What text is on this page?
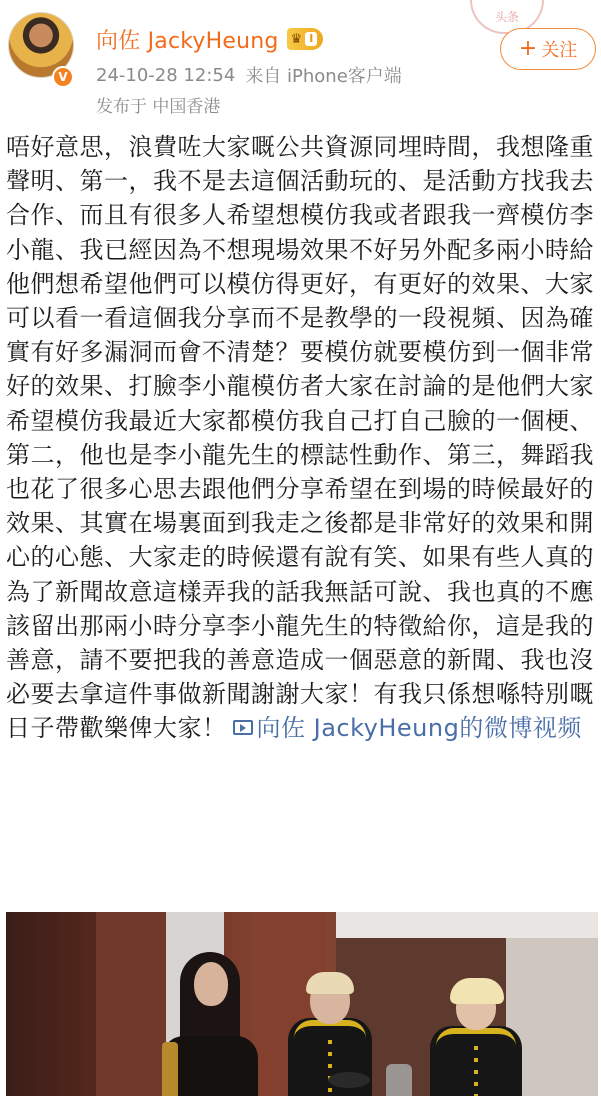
V
向佐 JackyHeung ♛ I
24-10-28 12:54 来自 iPhone客户端
发布于 中国香港
头条
+ 关注
唔好意思，浪費咗大家嘅公共資源同埋時間，我想隆重聲明、第一，我不是去這個活動玩的、是活動方找我去合作、而且有很多人希望想模仿我或者跟我一齊模仿李小龍、我已經因為不想現場效果不好另外配多兩小時給他們想希望他們可以模仿得更好，有更好的效果、大家可以看一看這個我分享而不是教學的一段視頻、因為確實有好多漏洞而會不清楚？要模仿就要模仿到一個非常好的效果、打臉李小龍模仿者大家在討論的是他們大家希望模仿我最近大家都模仿我自己打自己臉的一個梗、第二，他也是李小龍先生的標誌性動作、第三，舞蹈我也花了很多心思去跟他們分享希望在到場的時候最好的效果、其實在場裏面到我走之後都是非常好的效果和開心的心態、大家走的時候還有說有笑、如果有些人真的為了新聞故意這樣弄我的話我無話可說、我也真的不應該留出那兩小時分享李小龍先生的特徵給你，這是我的善意，請不要把我的善意造成一個惡意的新聞、我也沒必要去拿這件事做新聞謝謝大家！有我只係想喺特別嘅日子帶歡樂俾大家！ 向佐 JackyHeung的微博视频
